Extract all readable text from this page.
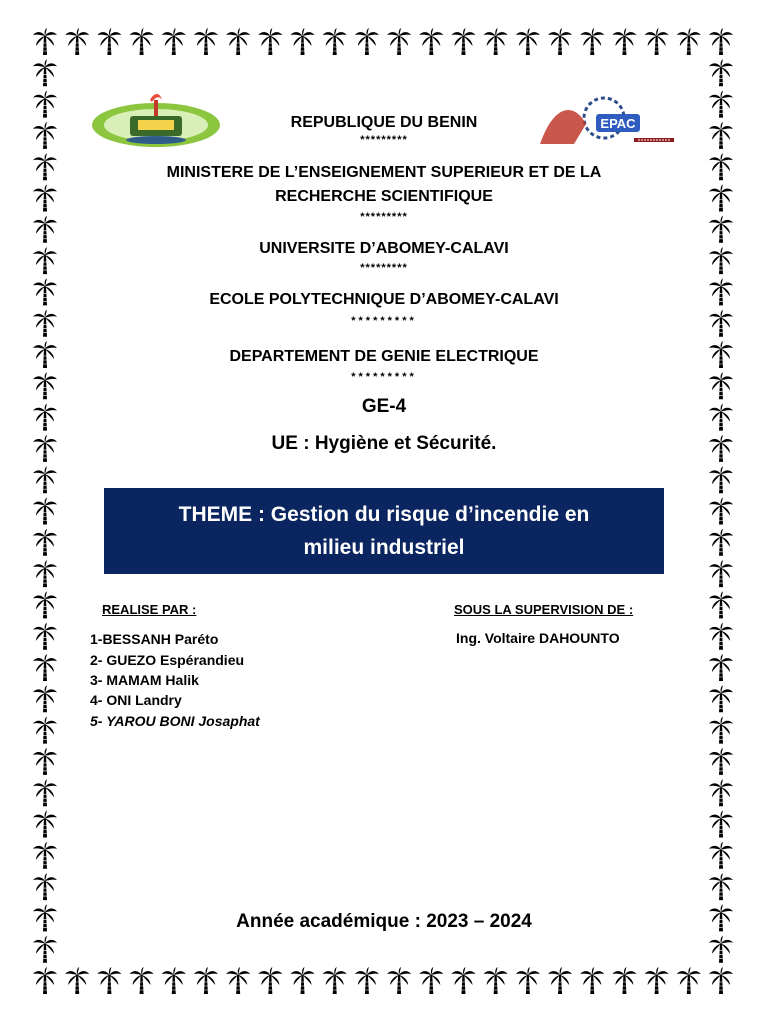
EPAC
REPUBLIQUE DU BENIN
*********
MINISTERE DE L’ENSEIGNEMENT SUPERIEUR ET DE LA
RECHERCHE SCIENTIFIQUE
*********
UNIVERSITE D’ABOMEY-CALAVI
*********
ECOLE POLYTECHNIQUE D’ABOMEY-CALAVI
*********
DEPARTEMENT DE GENIE ELECTRIQUE
*********
GE-4
UE : Hygiène et Sécurité.
THEME : Gestion du risque d’incendie en
milieu industriel
REALISE PAR :	SOUS LA SUPERVISION DE :
1-BESSANH Paréto
2- GUEZO Espérandieu
3- MAMAM Halik
4- ONI Landry
5- YAROU BONI Josaphat
Ing. Voltaire DAHOUNTO
Année académique : 2023 – 2024
